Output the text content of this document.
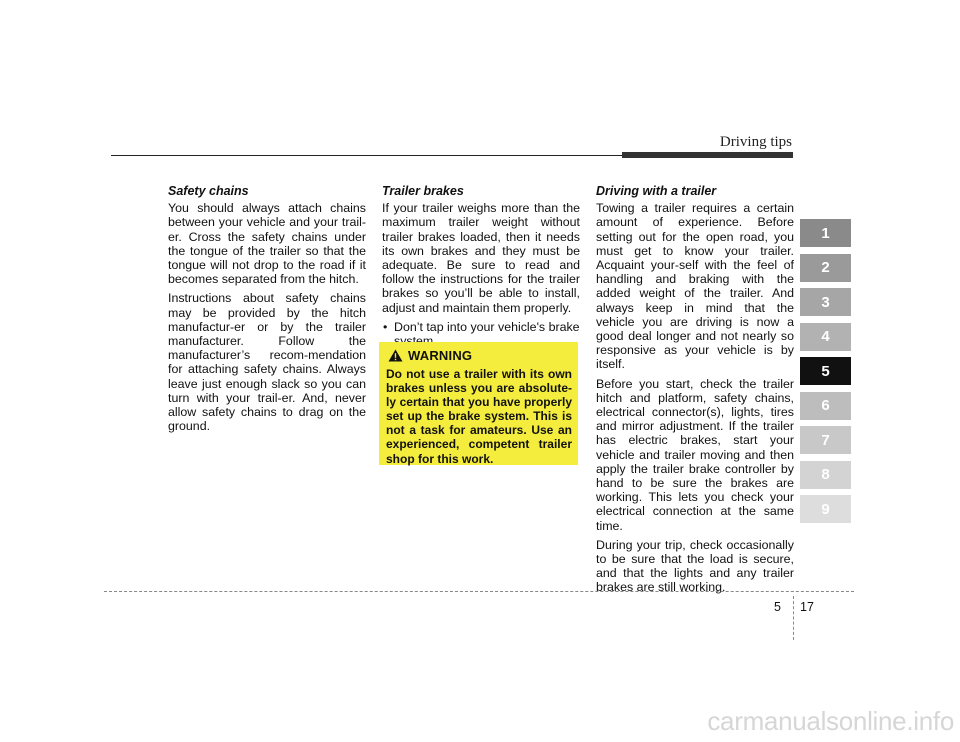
Driving tips
Safety chains

You should always attach chains between your vehicle and your trail-er. Cross the safety chains under the tongue of the trailer so that the tongue will not drop to the road if it becomes separated from the hitch.

Instructions about safety chains may be provided by the hitch manufactur-er or by the trailer manufacturer. Follow the manufacturer’s recom-mendation for attaching safety chains. Always leave just enough slack so you can turn with your trail-er. And, never allow safety chains to drag on the ground.

Trailer brakes

If your trailer weighs more than the maximum trailer weight without trailer brakes loaded, then it needs its own brakes and they must be adequate. Be sure to read and follow the instructions for the trailer brakes so you’ll be able to install, adjust and maintain them properly.

• Don’t tap into your vehicle's brake
WARNING

Do not use a trailer with its own brakes unless you are absolute-ly certain that you have properly set up the brake system. This is not a task for amateurs. Use an experienced, competent trailer shop for this work.

Driving with a trailer

Towing a trailer requires a certain amount of experience. Before setting out for the open road, you must get to know your trailer. Acquaint your-self with the feel of handling and braking with the added weight of the trailer. And always keep in mind that the vehicle you are driving is now a good deal longer and not nearly so responsive as your vehicle is by itself.

Before you start, check the trailer hitch and platform, safety chains, electrical connector(s), lights, tires and mirror adjustment. If the trailer has electric brakes, start your vehicle and trailer moving and then apply the trailer brake controller by hand to be sure the brakes are working. This lets you check your electrical connection at the same time.

During your trip, check occasionally to be sure that the load is secure, and that the lights and any trailer brakes are still working.

1
2
3
4
5
6
7
8
9
5 17
carmanualsonline.info
